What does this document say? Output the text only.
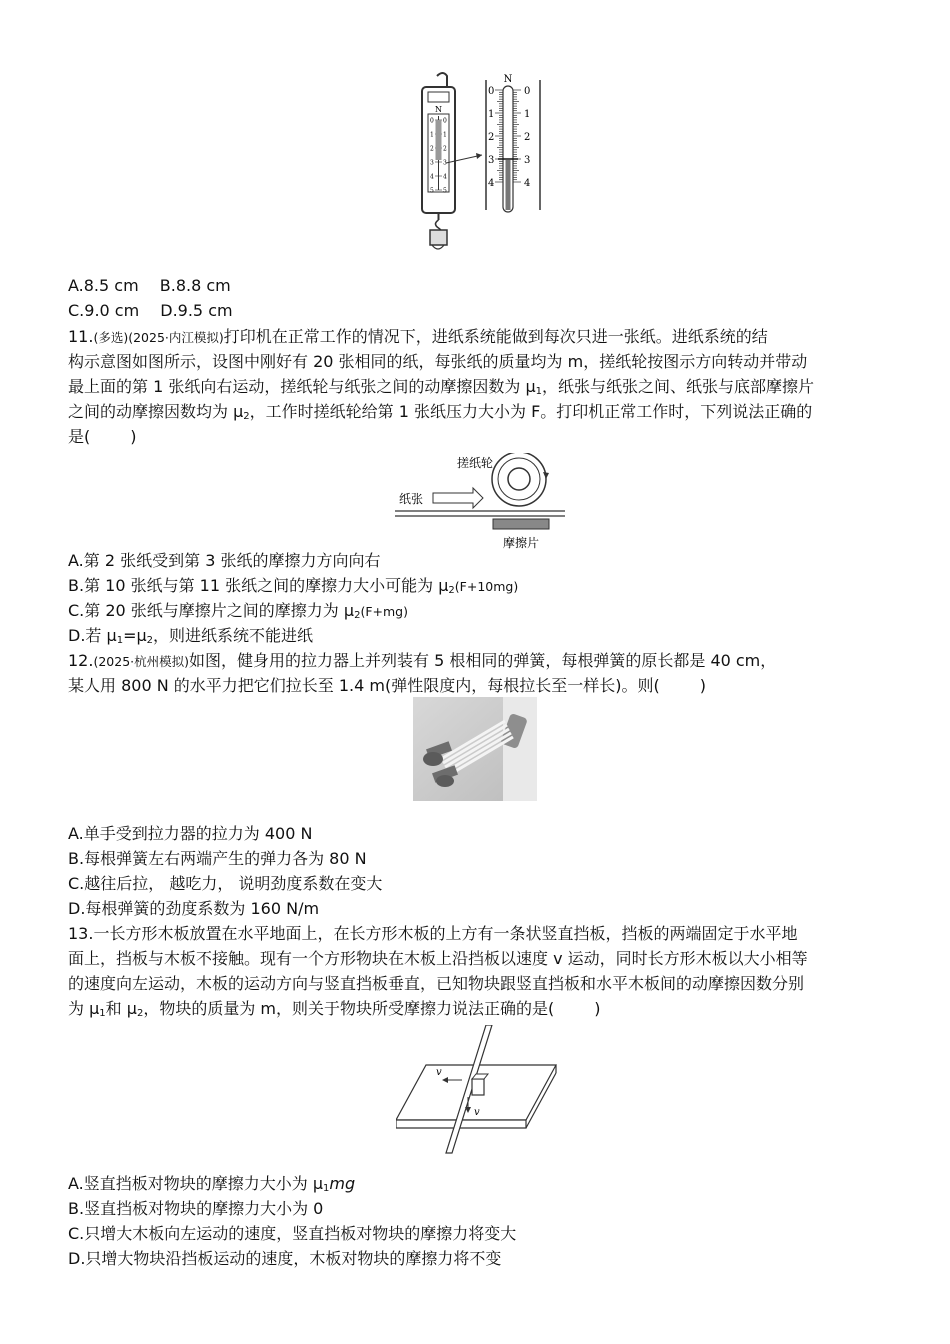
N
0 0
1 1
2 2
3 3
4 4
5 5
N
0
1
2
3
4
0
1
2
3
4
搓纸轮
纸张
摩擦片
v
v
A.8.5 cm　 B.8.8 cm
C.9.0 cm　 D.9.5 cm
11.(多选)(2025·内江模拟)打印机在正常工作的情况下，进纸系统能做到每次只进一张纸。进纸系统的结
构示意图如图所示，设图中刚好有 20 张相同的纸，每张纸的质量均为 m，搓纸轮按图示方向转动并带动
最上面的第 1 张纸向右运动，搓纸轮与纸张之间的动摩擦因数为 $\mu_1$，纸张与纸张之间、纸张与底部摩擦片
之间的动摩擦因数均为 $\mu_2$，工作时搓纸轮给第 1 张纸压力大小为 F。打印机正常工作时，下列说法正确的
是(	)
A.第 2 张纸受到第 3 张纸的摩擦力方向向右
B.第 10 张纸与第 11 张纸之间的摩擦力大小可能为 $\mu_2(F+10mg)$
C.第 20 张纸与摩擦片之间的摩擦力为 $\mu_2(F+mg)$
D.若 $\mu_1=\mu_2$，则进纸系统不能进纸
12.(2025·杭州模拟)如图，健身用的拉力器上并列装有 5 根相同的弹簧，每根弹簧的原长都是 40 cm，
某人用 800 N 的水平力把它们拉长至 1.4 m(弹性限度内，每根拉长至一样长)。则(	)
A.单手受到拉力器的拉力为 400 N
B.每根弹簧左右两端产生的弹力各为 80 N
C.越往后拉， 越吃力， 说明劲度系数在变大
D.每根弹簧的劲度系数为 160 N/m
13.一长方形木板放置在水平地面上，在长方形木板的上方有一条状竖直挡板，挡板的两端固定于水平地
面上，挡板与木板不接触。现有一个方形物块在木板上沿挡板以速度 v 运动，同时长方形木板以大小相等
的速度向左运动，木板的运动方向与竖直挡板垂直，已知物块跟竖直挡板和水平木板间的动摩擦因数分别
为 $\mu_1$和 $\mu_2$，物块的质量为 m，则关于物块所受摩擦力说法正确的是(	)
A.竖直挡板对物块的摩擦力大小为 $\mu_1mg$
B.竖直挡板对物块的摩擦力大小为 0
C.只增大木板向左运动的速度，竖直挡板对物块的摩擦力将变大
D.只增大物块沿挡板运动的速度，木板对物块的摩擦力将不变
